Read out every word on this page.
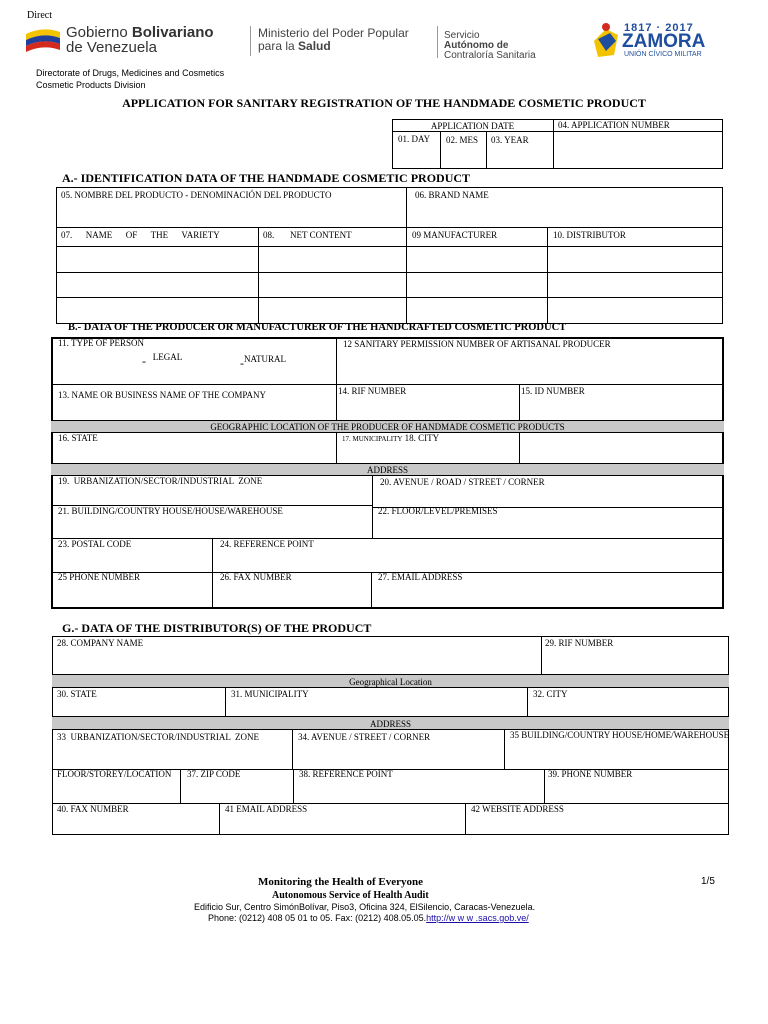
Direct
Gobierno Bolivariano
de Venezuela
Ministerio del Poder Popular
para la Salud
Servicio
Autónomo de
Contraloría Sanitaria
1817 · 2017
ZAMORA
UNIÓN CÍVICO MILITAR
Directorate of Drugs, Medicines and Cosmetics
Cosmetic Products Division
APPLICATION FOR SANITARY REGISTRATION OF THE HANDMADE COSMETIC PRODUCT
APPLICATION DATE
01. DAY 02. MES 03. YEAR
04. APPLICATION NUMBER
A.- IDENTIFICATION DATA OF THE HANDMADE COSMETIC PRODUCT
05. NOMBRE DEL PRODUCTO - DENOMINACIÓN DEL PRODUCTO	06. BRAND NAME
07.      NAME      OF      THE      VARIETY	08.       NET CONTENT	09 MANUFACTURER	10. DISTRIBUTOR
B.- DATA OF THE PRODUCER OR MANUFACTURER OF THE HANDCRAFTED COSMETIC PRODUCT
GEOGRAPHIC LOCATION OF THE PRODUCER OF HANDMADE COSMETIC PRODUCTS
ADDRESS
11. TYPE OF PERSON
- LEGAL	-NATURAL
12 SANITARY PERMISSION NUMBER OF ARTISANAL PRODUCER
13. NAME OR BUSINESS NAME OF THE COMPANY	14. RIF NUMBER	15. ID NUMBER
16. STATE	17. MUNICIPALITY 18. CITY
19.  URBANIZATION/SECTOR/INDUSTRIAL  ZONE	20. AVENUE / ROAD / STREET / CORNER
21. BUILDING/COUNTRY HOUSE/HOUSE/WAREHOUSE	22. FLOOR/LEVEL/PREMISES
23. POSTAL CODE	24. REFERENCE POINT
25 PHONE NUMBER	26. FAX NUMBER	27. EMAIL ADDRESS
G.- DATA OF THE DISTRIBUTOR(S) OF THE PRODUCT
Geographical Location
ADDRESS
28. COMPANY NAME	29. RIF NUMBER
30. STATE	31. MUNICIPALITY	32. CITY
33  URBANIZATION/SECTOR/INDUSTRIAL  ZONE	34. AVENUE / STREET / CORNER	35 BUILDING/COUNTRY HOUSE/HOME/WAREHOUSE
FLOOR/STOREY/LOCATION 37. ZIP CODE	38. REFERENCE POINT	39. PHONE NUMBER
40. FAX NUMBER	41 EMAIL ADDRESS	42 WEBSITE ADDRESS
Monitoring the Health of Everyone	1/5
Autonomous Service of Health Audit
Edificio Sur, Centro SimónBolívar, Piso3, Oficina 324, ElSilencio, Caracas-Venezuela.
Phone: (0212) 408 05 01 to 05. Fax: (0212) 408.05.05.http://w w w .sacs.gob.ve/
